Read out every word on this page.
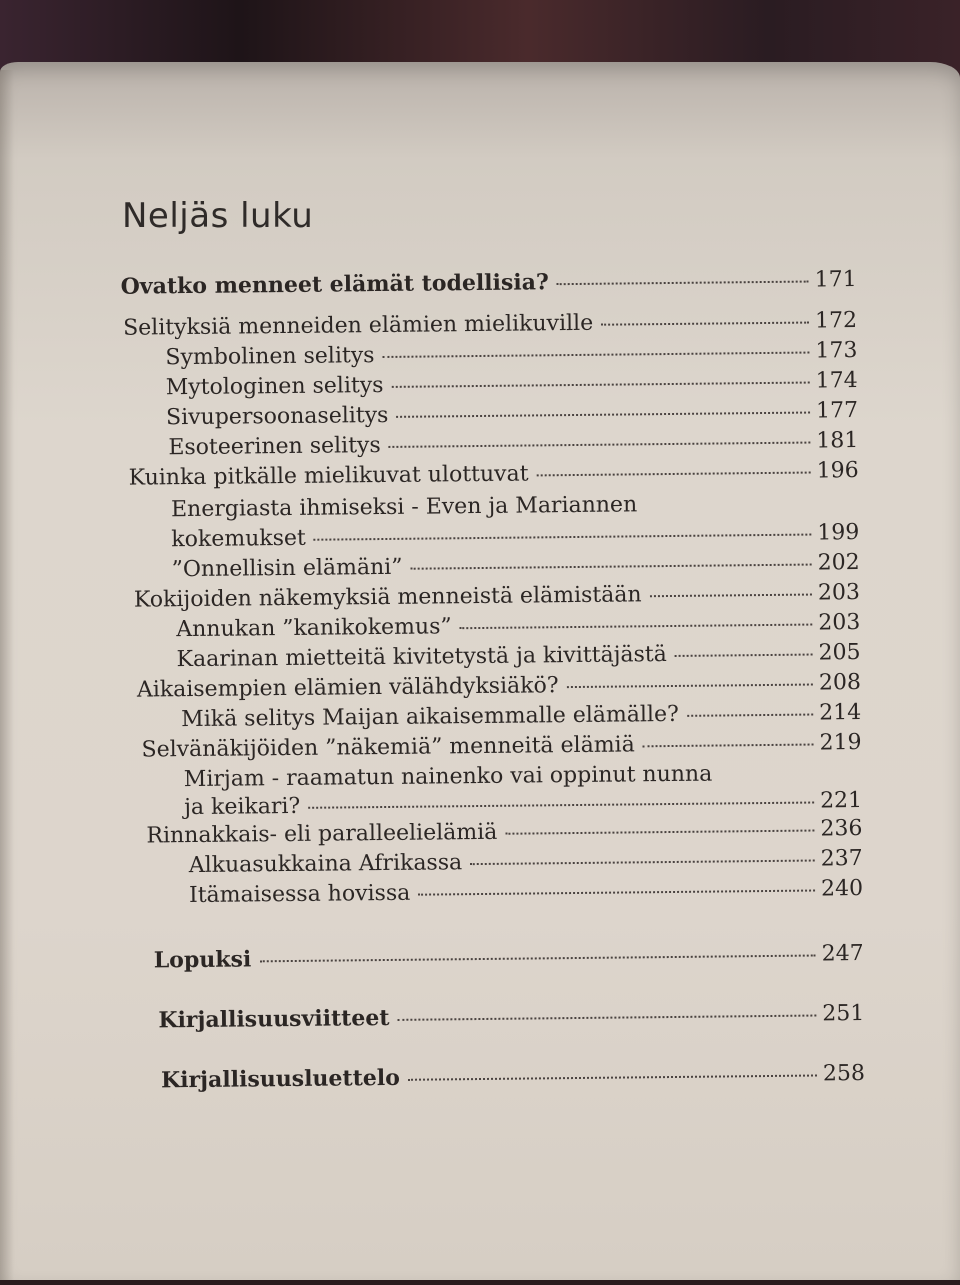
Neljäs luku
Ovatko menneet elämät todellisia?	171
Selityksiä menneiden elämien mielikuville	172
Symbolinen selitys	173
Mytologinen selitys	174
Sivupersoonaselitys	177
Esoteerinen selitys	181
Kuinka pitkälle mielikuvat ulottuvat	196
Energiasta ihmiseksi - Even ja Mariannen
kokemukset	199
”Onnellisin elämäni”	202
Kokijoiden näkemyksiä menneistä elämistään	203
Annukan ”kanikokemus”	203
Kaarinan mietteitä kivitetystä ja kivittäjästä	205
Aikaisempien elämien välähdyksiäkö?	208
Mikä selitys Maijan aikaisemmalle elämälle?	214
Selvänäkijöiden ”näkemiä” menneitä elämiä	219
Mirjam - raamatun nainenko vai oppinut nunna
ja keikari?	221
Rinnakkais- eli paralleelielämiä	236
Alkuasukkaina Afrikassa	237
Itämaisessa hovissa	240
Lopuksi	247
Kirjallisuusviitteet	251
Kirjallisuusluettelo	258
